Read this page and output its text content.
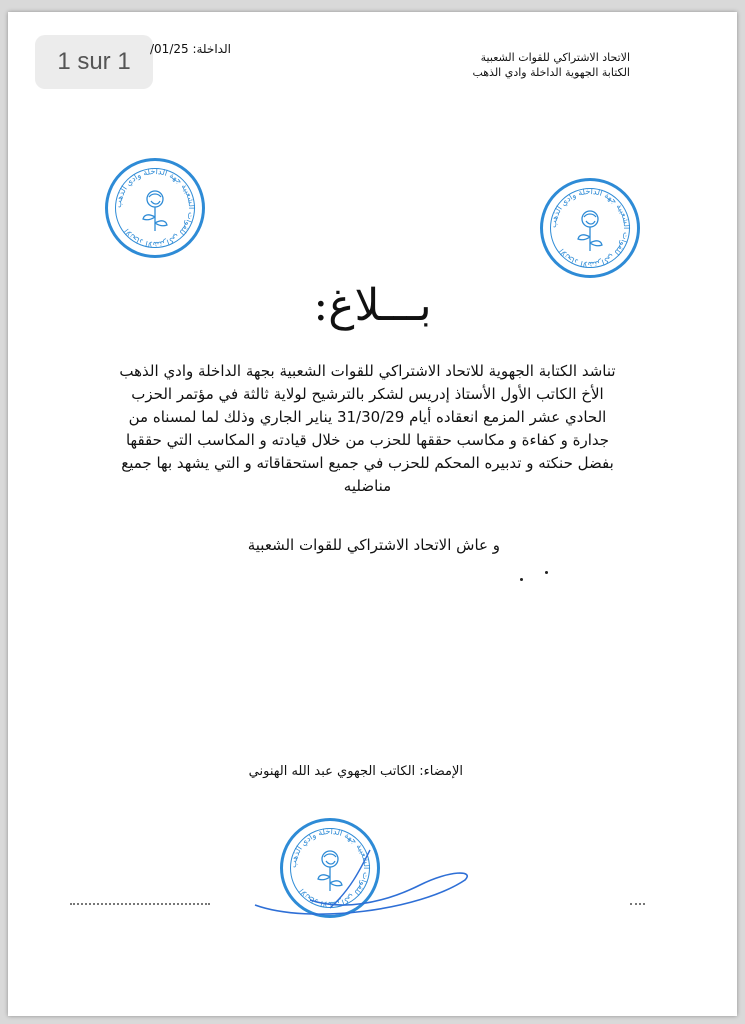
1 sur 1	الداخلة: /01/25
الاتحاد الاشتراكي للقوات الشعبية
الكتابة الجهوية الداخلة وادي الذهب
الاتحاد الاشتراكي للقوات الشعبية جهة الداخلة وادي الذهب
الاتحاد الاشتراكي للقوات الشعبية جهة الداخلة وادي الذهب
الاتحاد الاشتراكي للقوات الشعبية جهة الداخلة وادي الذهب
بـــلاغ:
تناشد الكتابة الجهوية للاتحاد الاشتراكي للقوات الشعبية بجهة الداخلة وادي الذهب
الأخ الكاتب الأول الأستاذ إدريس لشكر بالترشيح لولاية ثالثة في مؤتمر الحزب
الحادي عشر المزمع انعقاده أيام 31/30/29 يناير الجاري وذلك لما لمسناه من
جدارة و كفاءة و مكاسب حققها للحزب من خلال قيادته و المكاسب التي حققها
بفضل حنكته و تدبيره المحكم للحزب في جميع استحقاقاته و التي يشهد بها جميع
مناضليه
و عاش الاتحاد الاشتراكي للقوات الشعبية
الإمضاء: الكاتب الجهوي عبد الله الهنوني
